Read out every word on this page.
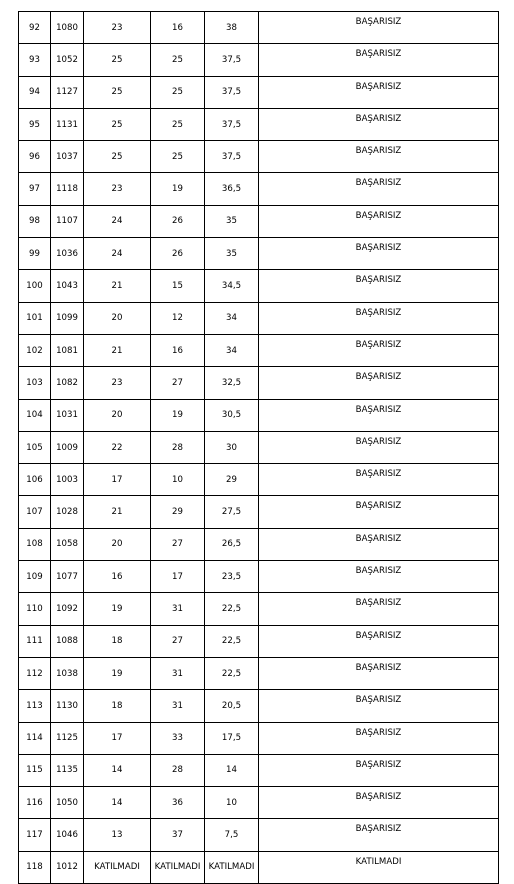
92	1080	23	16	38	BAŞARISIZ
93	1052	25	25	37,5	BAŞARISIZ
94	1127	25	25	37,5	BAŞARISIZ
95	1131	25	25	37,5	BAŞARISIZ
96	1037	25	25	37,5	BAŞARISIZ
97	1118	23	19	36,5	BAŞARISIZ
98	1107	24	26	35	BAŞARISIZ
99	1036	24	26	35	BAŞARISIZ
100	1043	21	15	34,5	BAŞARISIZ
101	1099	20	12	34	BAŞARISIZ
102	1081	21	16	34	BAŞARISIZ
103	1082	23	27	32,5	BAŞARISIZ
104	1031	20	19	30,5	BAŞARISIZ
105	1009	22	28	30	BAŞARISIZ
106	1003	17	10	29	BAŞARISIZ
107	1028	21	29	27,5	BAŞARISIZ
108	1058	20	27	26,5	BAŞARISIZ
109	1077	16	17	23,5	BAŞARISIZ
110	1092	19	31	22,5	BAŞARISIZ
111	1088	18	27	22,5	BAŞARISIZ
112	1038	19	31	22,5	BAŞARISIZ
113	1130	18	31	20,5	BAŞARISIZ
114	1125	17	33	17,5	BAŞARISIZ
115	1135	14	28	14	BAŞARISIZ
116	1050	14	36	10	BAŞARISIZ
117	1046	13	37	7,5	BAŞARISIZ
118	1012	KATILMADI	KATILMADI	KATILMADI	KATILMADI
